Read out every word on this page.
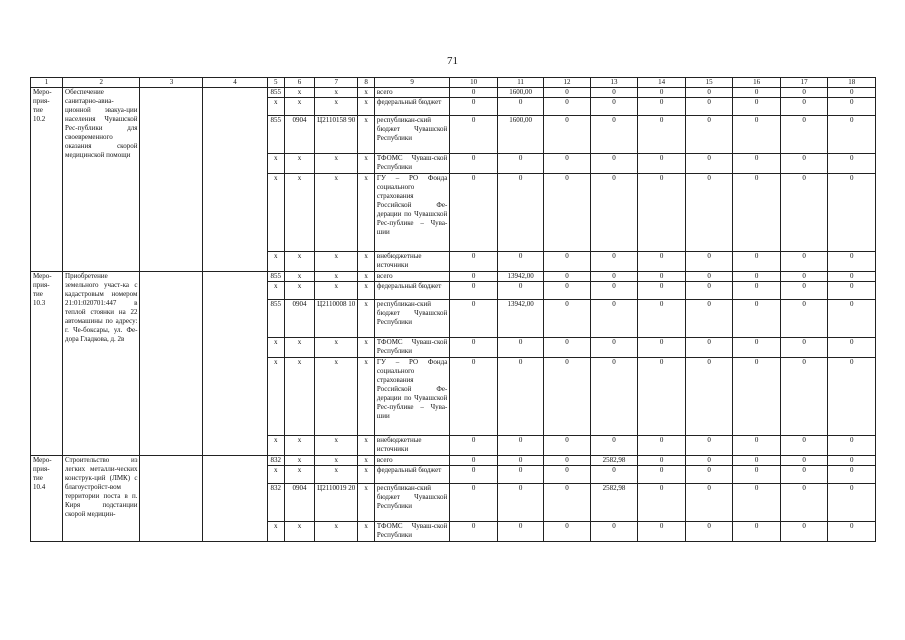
71
1	2	3	4	5	6	7	8	9	10	11	12	13	14	15	16	17	18
Меро-
прия-
тие
10.2	Обеспечение санитарно-авиа-ционной эвакуа-ции населения Чувашской Рес-публики для своевременного оказания скорой медицинской помощи			855	x	x	x	всего	0	1600,00	0	0	0	0	0	0	0
				x	x	x	x	федеральный бюджет	0	0	0	0	0	0	0	0	0
				855	0904	Ц2110158 90	x	республикан-ский бюджет Чувашской Республики	0	1600,00	0	0	0	0	0	0	0
				x	x	x	x	ТФОМС Чуваш-ской Республики	0	0	0	0	0	0	0	0	0
				x	x	x	x	ГУ – РО Фонда социального страхования Российской Фе-дерации по Чувашской Рес-публике – Чува-шии	0	0	0	0	0	0	0	0	0
				x	x	x	x	внебюджетные источники	0	0	0	0	0	0	0	0	0
Меро-
прия-
тие
10.3	Приобретение земельного участ-ка с кадастровым номером 21:01:020701:447 в теплой стоянки на 22 автомашины по адресу: г. Че-боксары, ул. Фе-дора Гладкова, д. 2в			855	x	x	x	всего	0	13942,00	0	0	0	0	0	0	0
				x	x	x	x	федеральный бюджет	0	0	0	0	0	0	0	0	0
				855	0904	Ц2110008 10	x	республикан-ский бюджет Чувашской Республики	0	13942,00	0	0	0	0	0	0	0
				x	x	x	x	ТФОМС Чуваш-ской Республики	0	0	0	0	0	0	0	0	0
				x	x	x	x	ГУ – РО Фонда социального страхования Российской Фе-дерации по Чувашской Рес-публике – Чува-шии	0	0	0	0	0	0	0	0	0
				x	x	x	x	внебюджетные источники	0	0	0	0	0	0	0	0	0
Меро-
прия-
тие
10.4	Строительство из легких металли-ческих конструк-ций (ЛМК) с благоустройст-вом территории поста в п. Киря подстанции скорой медицин-			832	x	x	x	всего	0	0	0	2582,98	0	0	0	0	0
				x	x	x	x	федеральный бюджет	0	0	0	0	0	0	0	0	0
				832	0904	Ц2110019 20	x	республикан-ский бюджет Чувашской Республики	0	0	0	2582,98	0	0	0	0	0
				x	x	x	x	ТФОМС Чуваш-ской Республики	0	0	0	0	0	0	0	0	0
